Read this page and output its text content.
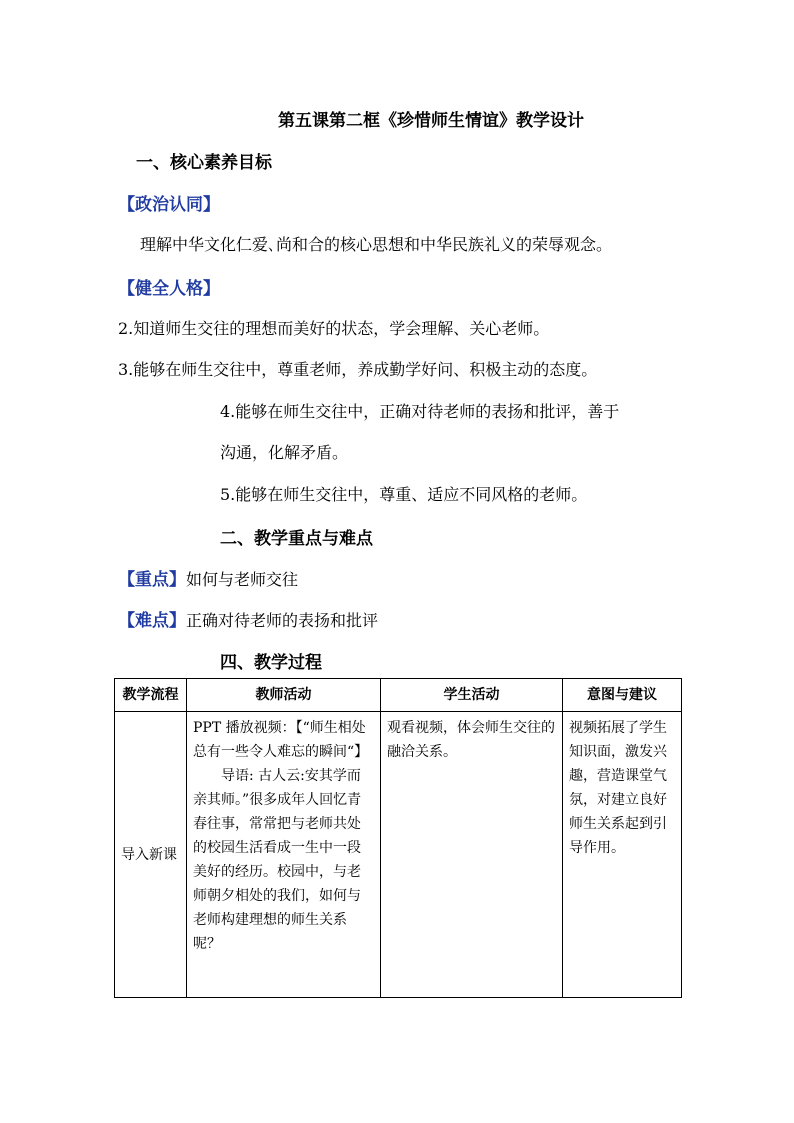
第五课第二框《珍惜师生情谊》教学设计
一、核心素养目标
【政治认同】
理解中华文化仁爱､尚和合的核心思想和中华民族礼义的荣辱观念｡
【健全人格】
2.知道师生交往的理想而美好的状态，学会理解、关心老师。
3.能够在师生交往中，尊重老师，养成勤学好问、积极主动的态度。
4.能够在师生交往中，正确对待老师的表扬和批评，善于
沟通，化解矛盾。
5.能够在师生交往中，尊重、适应不同风格的老师。
二、教学重点与难点
【重点】如何与老师交往
【难点】正确对待老师的表扬和批评
四、教学过程
教学流程	教师活动	学生活动	意图与建议
导入新课	PPT 播放视频：【“师生相处总有一些令人难忘的瞬间“】
导语: 古人云:安其学而亲其师。”很多成年人回忆青春往事，常常把与老师共处的校园生活看成一生中一段美好的经历。校园中，与老师朝夕相处的我们，如何与老师构建理想的师生关系呢？	观看视频，体会师生交往的融洽关系。	视频拓展了学生知识面，激发兴趣，营造课堂气氛，对建立良好师生关系起到引导作用。
